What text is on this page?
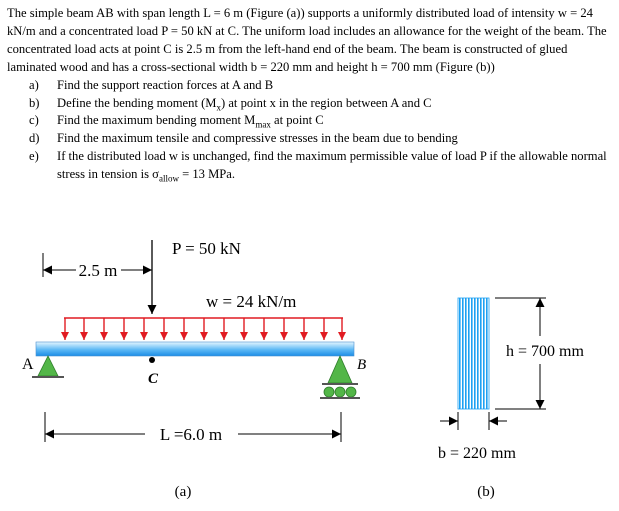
The simple beam AB with span length L = 6 m (Figure (a)) supports a uniformly distributed load of intensity w = 24 kN/m and a concentrated load P = 50 kN at C. The uniform load includes an allowance for the weight of the beam. The concentrated load acts at point C is 2.5 m from the left-hand end of the beam. The beam is constructed of glued laminated wood and has a cross-sectional width b = 220 mm and height h = 700 mm (Figure (b))

a) Find the support reaction forces at A and B
b) Define the bending moment $(M_x)$ at point x in the region between A and C
c) Find the maximum bending moment $M_{max}$ at point C
d) Find the maximum tensile and compressive stresses in the beam due to bending
e) If the distributed load w is unchanged, find the maximum permissible value of load P if the allowable normal stress in tension is $\sigma_{allow} = 13$ MPa.
P = 50 kN
2.5 m
w = 24 kN/m
A
C
B
L =6.0 m
(a)
h = 700 mm
b = 220 mm
(b)
